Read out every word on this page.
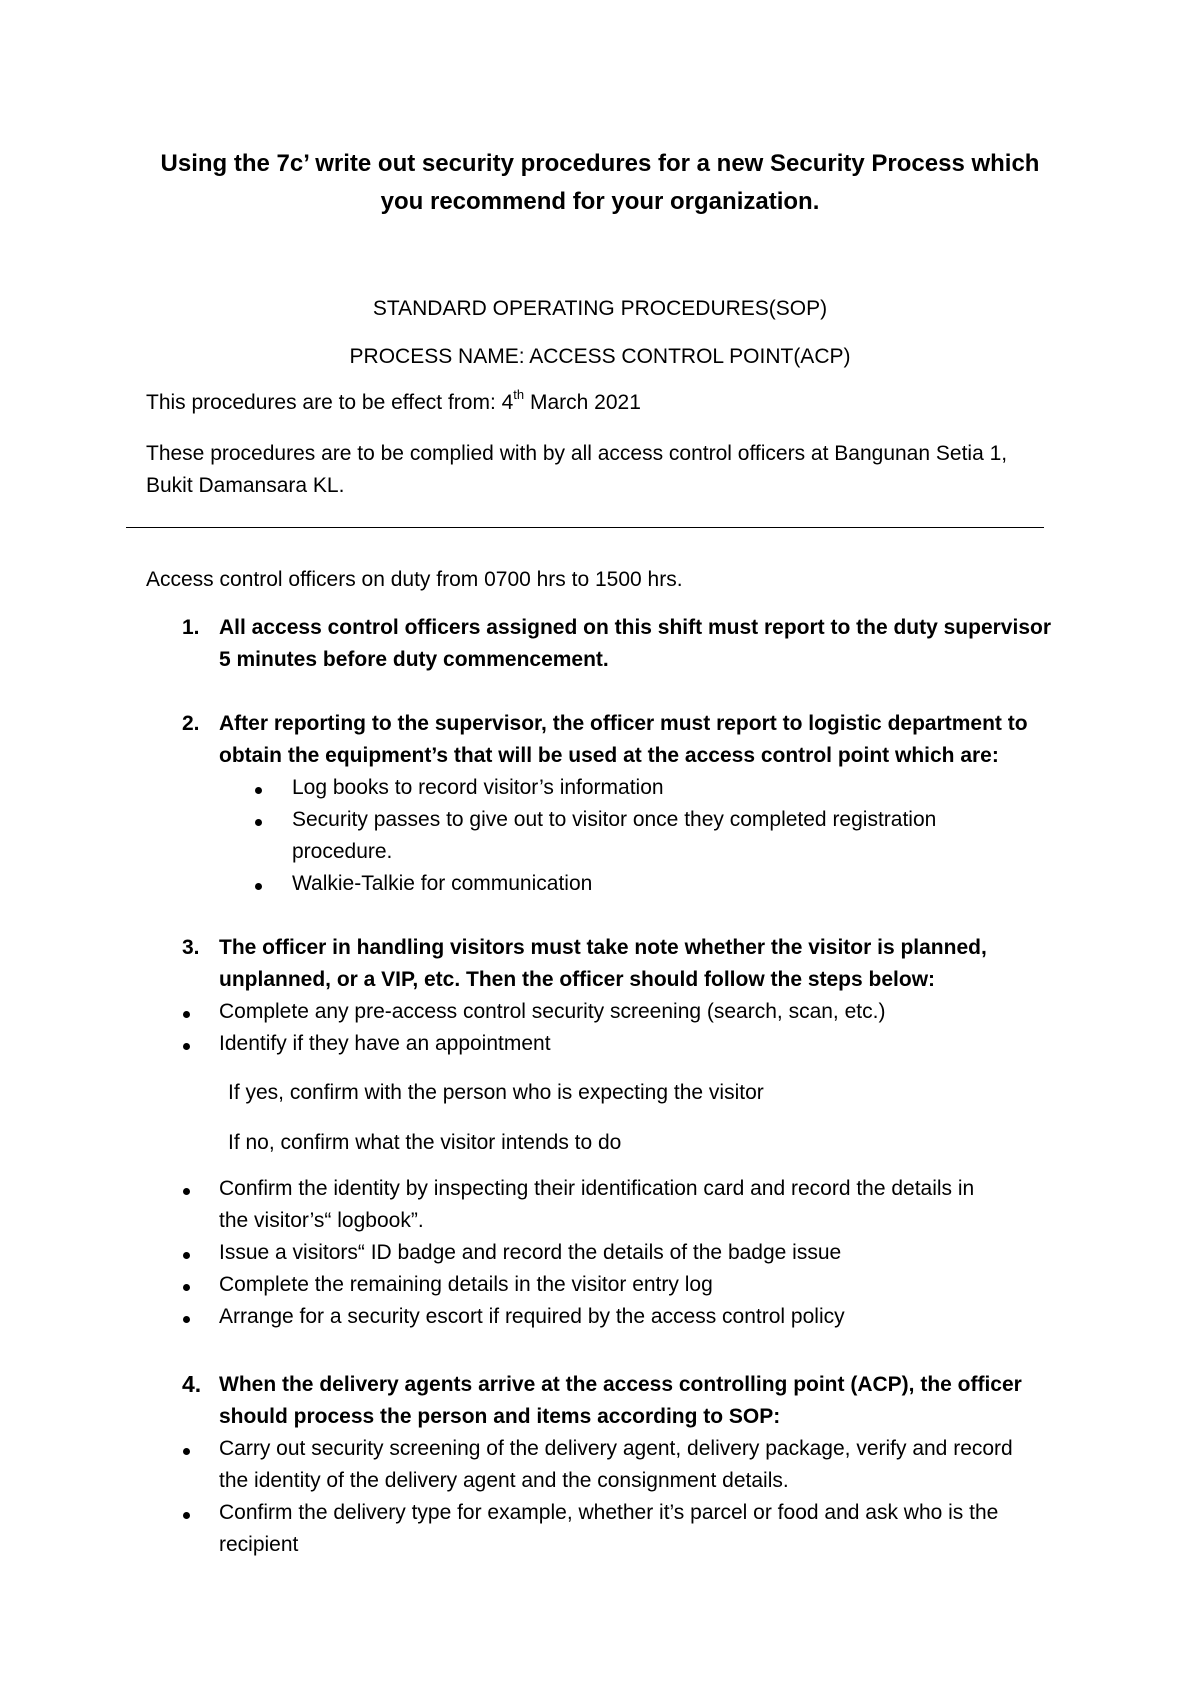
Using the 7c’ write out security procedures for a new Security Process which
you recommend for your organization.
STANDARD OPERATING PROCEDURES(SOP)
PROCESS NAME: ACCESS CONTROL POINT(ACP)
This procedures are to be effect from: 4th March 2021
These procedures are to be complied with by all access control officers at Bangunan Setia 1,
Bukit Damansara KL.
Access control officers on duty from 0700 hrs to 1500 hrs.
1. All access control officers assigned on this shift must report to the duty supervisor
5 minutes before duty commencement.
2. After reporting to the supervisor, the officer must report to logistic department to
obtain the equipment’s that will be used at the access control point which are:
Log books to record visitor’s information
Security passes to give out to visitor once they completed registration
procedure.
Walkie-Talkie for communication
3. The officer in handling visitors must take note whether the visitor is planned,
unplanned, or a VIP, etc. Then the officer should follow the steps below:
Complete any pre-access control security screening (search, scan, etc.)
Identify if they have an appointment
If yes, confirm with the person who is expecting the visitor
If no, confirm what the visitor intends to do
Confirm the identity by inspecting their identification card and record the details in
the visitor’s“ logbook”.
Issue a visitors“ ID badge and record the details of the badge issue
Complete the remaining details in the visitor entry log
Arrange for a security escort if required by the access control policy
4. When the delivery agents arrive at the access controlling point (ACP), the officer
should process the person and items according to SOP:
Carry out security screening of the delivery agent, delivery package, verify and record
the identity of the delivery agent and the consignment details.
Confirm the delivery type for example, whether it’s parcel or food and ask who is the
recipient
